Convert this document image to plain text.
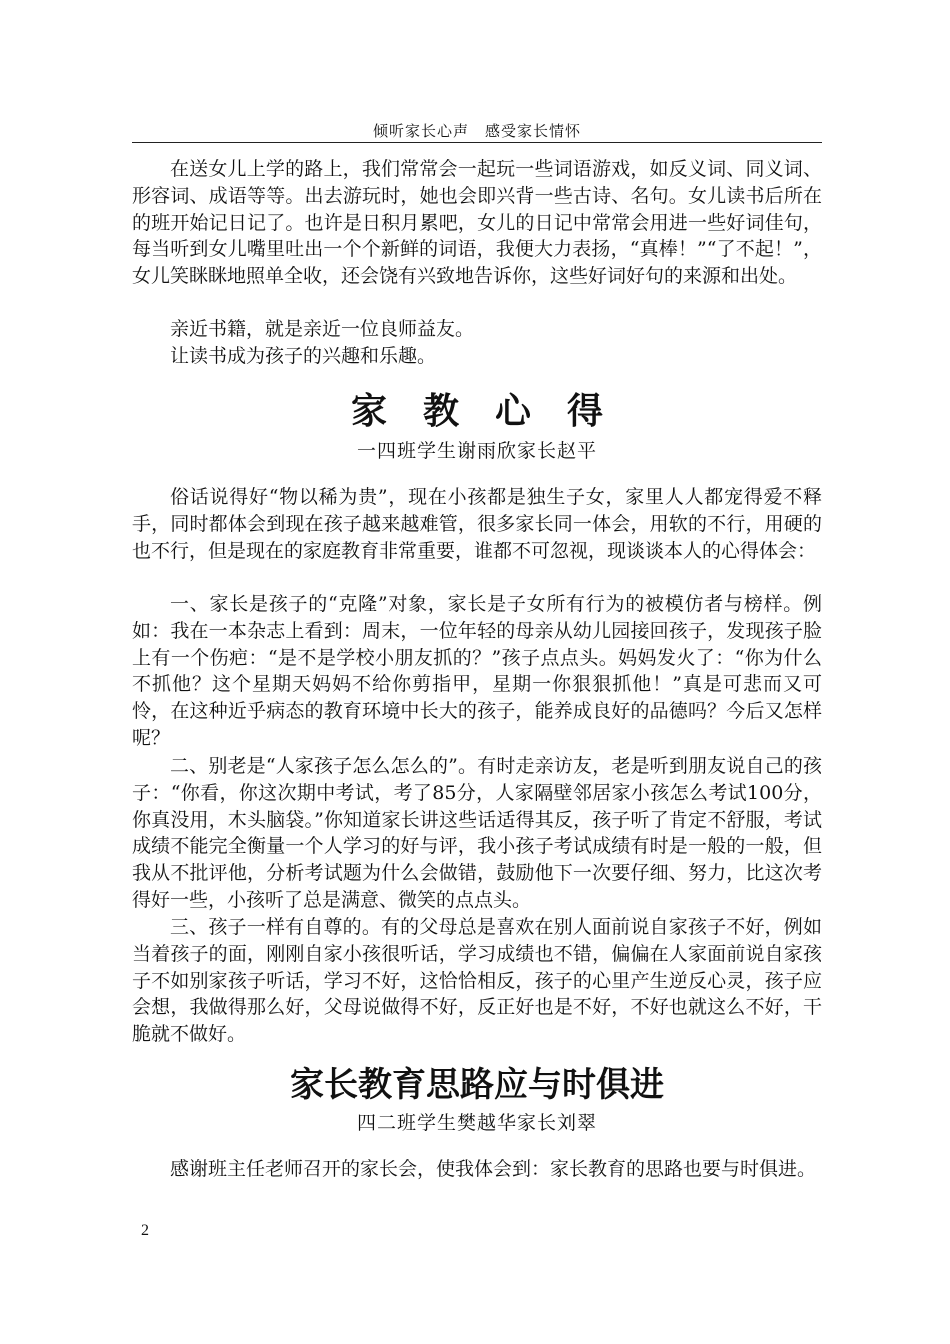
倾听家长心声　感受家长情怀
在送女儿上学的路上，我们常常会一起玩一些词语游戏，如反义词、同义词、形容词、成语等等。出去游玩时，她也会即兴背一些古诗、名句。女儿读书后所在的班开始记日记了。也许是日积月累吧，女儿的日记中常常会用进一些好词佳句，每当听到女儿嘴里吐出一个个新鲜的词语，我便大力表扬，“真棒！”“了不起！”，女儿笑眯眯地照单全收，还会饶有兴致地告诉你，这些好词好句的来源和出处。
亲近书籍，就是亲近一位良师益友。
让读书成为孩子的兴趣和乐趣。
家　教　心　得
一四班学生谢雨欣家长赵平
俗话说得好“物以稀为贵”，现在小孩都是独生子女，家里人人都宠得爱不释手，同时都体会到现在孩子越来越难管，很多家长同一体会，用软的不行，用硬的也不行，但是现在的家庭教育非常重要，谁都不可忽视，现谈谈本人的心得体会：
一、家长是孩子的“克隆”对象，家长是子女所有行为的被模仿者与榜样。例如：我在一本杂志上看到：周末，一位年轻的母亲从幼儿园接回孩子，发现孩子脸上有一个伤疤：“是不是学校小朋友抓的？”孩子点点头。妈妈发火了：“你为什么不抓他？这个星期天妈妈不给你剪指甲，星期一你狠狠抓他！”真是可悲而又可怜，在这种近乎病态的教育环境中长大的孩子，能养成良好的品德吗？今后又怎样呢？
二、别老是“人家孩子怎么怎么的”。有时走亲访友，老是听到朋友说自己的孩子：“你看，你这次期中考试，考了85分，人家隔壁邻居家小孩怎么考试100分，你真没用，木头脑袋。”你知道家长讲这些话适得其反，孩子听了肯定不舒服，考试成绩不能完全衡量一个人学习的好与评，我小孩子考试成绩有时是一般的一般，但我从不批评他，分析考试题为什么会做错，鼓励他下一次要仔细、努力，比这次考得好一些，小孩听了总是满意、微笑的点点头。
三、孩子一样有自尊的。有的父母总是喜欢在别人面前说自家孩子不好，例如当着孩子的面，刚刚自家小孩很听话，学习成绩也不错，偏偏在人家面前说自家孩子不如别家孩子听话，学习不好，这恰恰相反，孩子的心里产生逆反心灵，孩子应会想，我做得那么好，父母说做得不好，反正好也是不好，不好也就这么不好，干脆就不做好。
家长教育思路应与时俱进
四二班学生樊越华家长刘翠
感谢班主任老师召开的家长会，使我体会到：家长教育的思路也要与时俱进。
2
